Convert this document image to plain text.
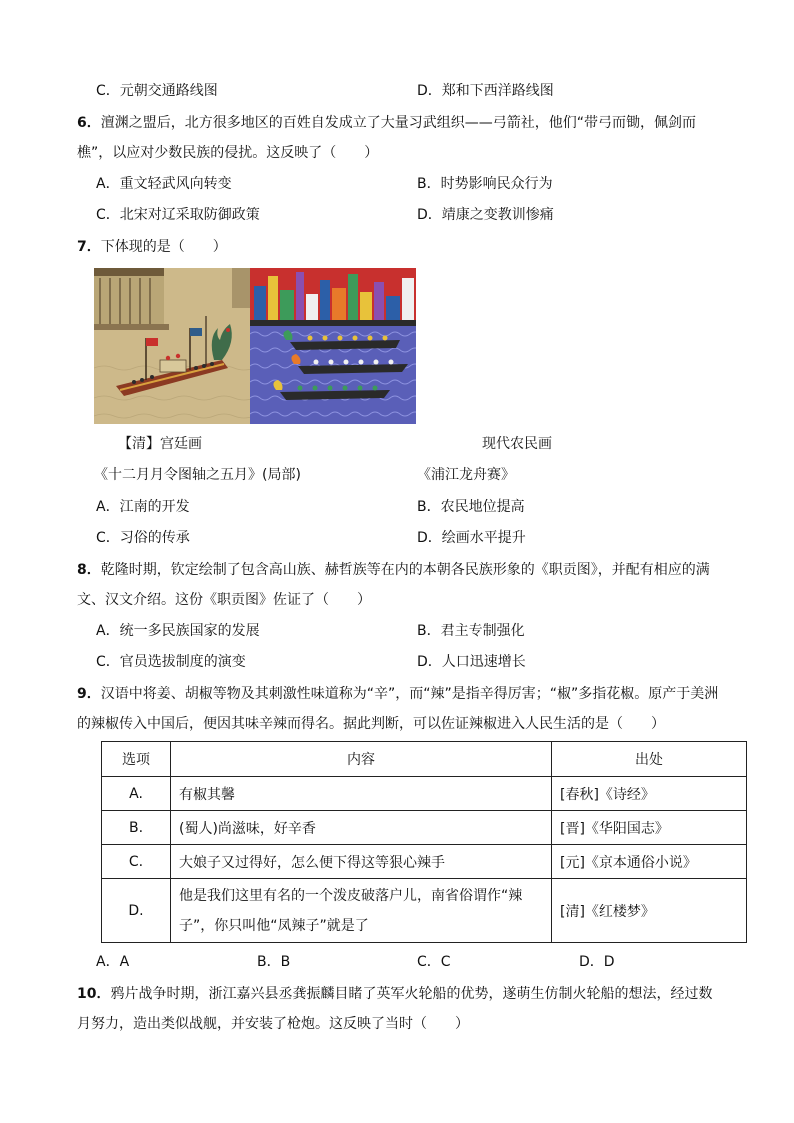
C．元朝交通路线图	D．郑和下西洋路线图
6．澶渊之盟后，北方很多地区的百姓自发成立了大量习武组织——弓箭社，他们“带弓而锄，佩剑而
樵”，以应对少数民族的侵扰。这反映了（　　）
A．重文轻武风向转变	B．时势影响民众行为
C．北宋对辽采取防御政策	D．靖康之变教训惨痛
7．下体现的是（　　）
【清】宫廷画	现代农民画
《十二月月令图轴之五月》(局部)	《浦江龙舟赛》
A．江南的开发	B．农民地位提高
C．习俗的传承	D．绘画水平提升
8．乾隆时期，钦定绘制了包含高山族、赫哲族等在内的本朝各民族形象的《职贡图》，并配有相应的满
文、汉文介绍。这份《职贡图》佐证了（　　）
A．统一多民族国家的发展	B．君主专制强化
C．官员选拔制度的演变	D．人口迅速增长
9．汉语中将姜、胡椒等物及其刺激性味道称为“辛”，而“辣”是指辛得厉害；“椒”多指花椒。原产于美洲
的辣椒传入中国后，便因其味辛辣而得名。据此判断，可以佐证辣椒进入人民生活的是（　　）
选项	内容	出处
A.	有椒其馨	[春秋]《诗经》
B.	(蜀人)尚滋味，好辛香	[晋]《华阳国志》
C.	大娘子又过得好，怎么便下得这等狠心辣手	[元]《京本通俗小说》
D.	他是我们这里有名的一个泼皮破落户儿，南省俗谓作“辣
子”，你只叫他“凤辣子”就是了	[清]《红楼梦》
A．A	B．B	C．C	D．D
10．鸦片战争时期，浙江嘉兴县丞龚振麟目睹了英军火轮船的优势，遂萌生仿制火轮船的想法，经过数
月努力，造出类似战舰，并安装了枪炮。这反映了当时（　　）
